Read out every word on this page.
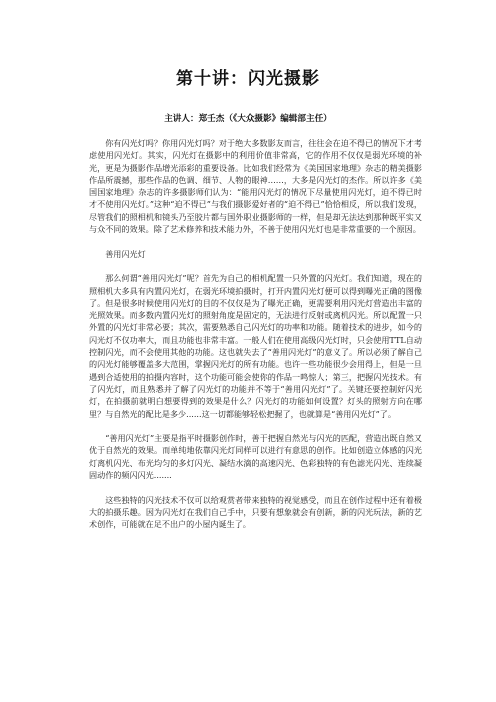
第十讲：闪光摄影
主讲人：郑壬杰（《大众摄影》编辑部主任）

你有闪光灯吗？你用闪光灯吗？对于绝大多数影友而言，往往会在迫不得已的情况下才考虑使用闪光灯。其实，闪光灯在摄影中的利用价值非常高，它的作用不仅仅是弱光环境的补光，更是为摄影作品增光添彩的重要设备。比如我们经常为《美国国家地理》杂志的精美摄影作品所震撼，那些作品的色调、细节、人物的眼神……，大多是闪光灯的杰作。所以许多《美国国家地理》杂志的许多摄影师们认为：“能用闪光灯的情况下尽量使用闪光灯，迫不得已时才不使用闪光灯。”这种“迫不得已”与我们摄影爱好者的“迫不得已”恰恰相反，所以我们发现，尽管我们的照相机和镜头乃至胶片都与国外职业摄影师的一样，但是却无法达到那种既平实又与众不同的效果。除了艺术修养和技术能力外，不善于使用闪光灯也是非常重要的一个原因。

善用闪光灯

那么何谓“善用闪光灯”呢？首先为自己的相机配置一只外置的闪光灯。我们知道，现在的照相机大多具有内置闪光灯，在弱光环境拍摄时，打开内置闪光灯便可以得到曝光正确的图像了。但是很多时候使用闪光灯的目的不仅仅是为了曝光正确，更需要利用闪光灯营造出丰富的光照效果。而多数内置闪光灯的照射角度是固定的，无法进行反射或离机闪光。所以配置一只外置的闪光灯非常必要；其次，需要熟悉自己闪光灯的功率和功能。随着技术的进步，如今的闪光灯不仅功率大，而且功能也非常丰富。一般人们在使用高级闪光灯时，只会使用TTL自动控制闪光，而不会使用其他的功能。这也就失去了“善用闪光灯”的意义了。所以必须了解自己的闪光灯能够覆盖多大范围，掌握闪光灯的所有功能。也许一些功能很少会用得上，但是一旦遇到合适使用的拍摄内容时，这个功能可能会使你的作品一鸣惊人；第三，把握闪光技术。有了闪光灯，而且熟悉并了解了闪光灯的功能并不等于“善用闪光灯”了。关键还要控制好闪光灯，在拍摄前就明白想要得到的效果是什么？闪光灯的功能如何设置？灯头的照射方向在哪里？与自然光的配比是多少......这一切都能够轻松把握了，也就算是“善用闪光灯”了。

“善用闪光灯”主要是指平时摄影创作时，善于把握自然光与闪光的匹配，营造出既自然又优于自然光的效果。而单纯地依靠闪光灯同样可以进行有意思的创作。比如创造立体感的闪光灯离机闪光、布光均匀的多灯闪光、凝结水滴的高速闪光、色彩独特的有色滤光闪光、连续凝固动作的频闪闪光.......

这些独特的闪光技术不仅可以给观赏者带来独特的视觉感受，而且在创作过程中还有着极大的拍摄乐趣。因为闪光灯在我们自己手中，只要有想象就会有创新，新的闪光玩法，新的艺术创作，可能就在足不出户的小屋内诞生了。
